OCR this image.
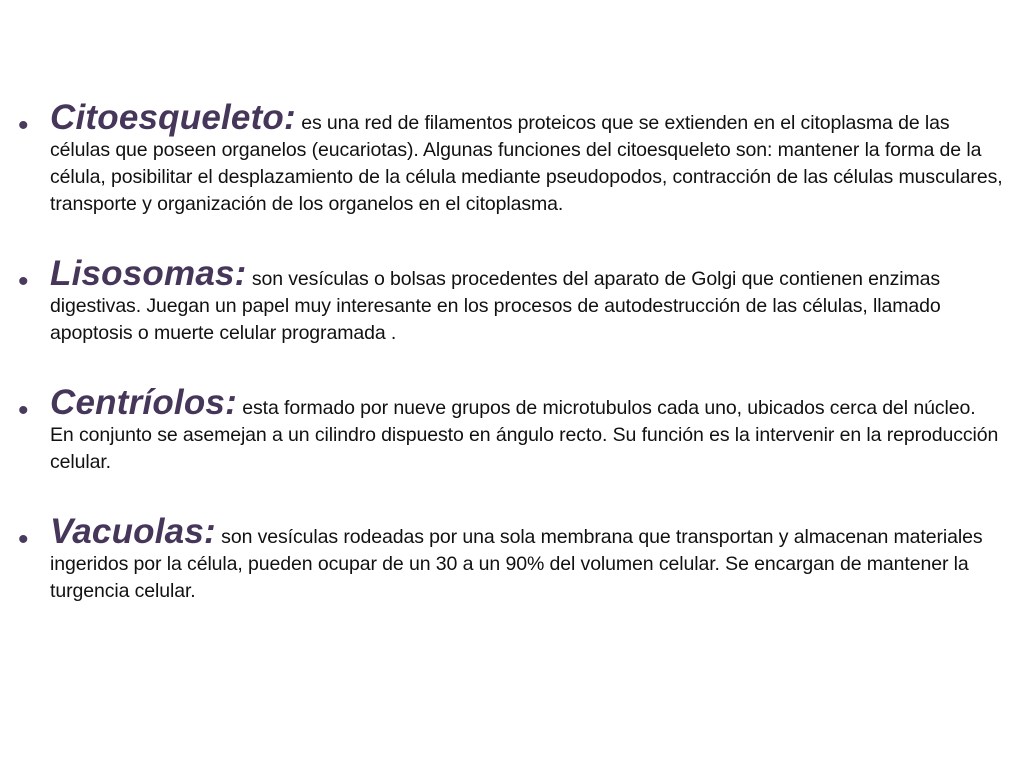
• Citoesqueleto: es una red de filamentos proteicos que se extienden en el citoplasma de las células que poseen organelos (eucariotas). Algunas funciones del citoesqueleto son: mantener la forma de la célula, posibilitar el desplazamiento de la célula mediante pseudopodos, contracción de las células musculares, transporte y organización de los organelos en el citoplasma.
• Lisosomas: son vesículas o bolsas procedentes del aparato de Golgi que contienen enzimas digestivas. Juegan un papel muy interesante en los procesos de autodestrucción de las células, llamado apoptosis o muerte celular programada .
• Centríolos: esta formado por nueve grupos de microtubulos cada uno, ubicados cerca del núcleo. En conjunto se asemejan a un cilindro dispuesto en ángulo recto. Su función es la intervenir en la reproducción celular.
• Vacuolas: son vesículas rodeadas por una sola membrana que transportan y almacenan materiales ingeridos por la célula, pueden ocupar de un 30 a un 90% del volumen celular. Se encargan de mantener la turgencia celular.
